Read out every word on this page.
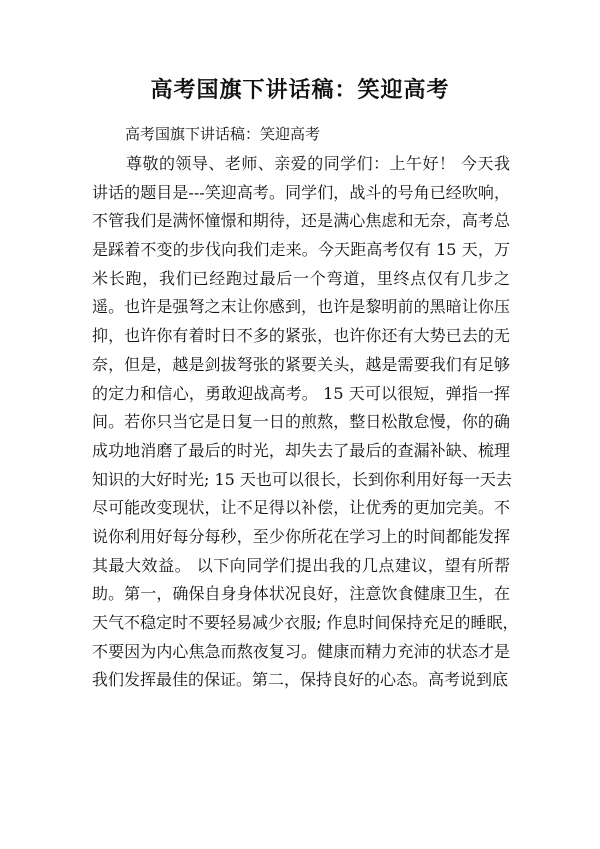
高考国旗下讲话稿：笑迎高考
高考国旗下讲话稿：笑迎高考
尊敬的领导、老师、亲爱的同学们：上午好！ 今天我
讲话的题目是---笑迎高考。同学们，战斗的号角已经吹响，
不管我们是满怀憧憬和期待，还是满心焦虑和无奈，高考总
是踩着不变的步伐向我们走来。今天距高考仅有 15 天，万
米长跑，我们已经跑过最后一个弯道，里终点仅有几步之
遥。也许是强弩之末让你感到，也许是黎明前的黑暗让你压
抑，也许你有着时日不多的紧张，也许你还有大势已去的无
奈，但是，越是剑拔弩张的紧要关头，越是需要我们有足够
的定力和信心，勇敢迎战高考。 15 天可以很短，弹指一挥
间。若你只当它是日复一日的煎熬，整日松散怠慢，你的确
成功地消磨了最后的时光，却失去了最后的查漏补缺、梳理
知识的大好时光; 15 天也可以很长，长到你利用好每一天去
尽可能改变现状，让不足得以补偿，让优秀的更加完美。不
说你利用好每分每秒，至少你所花在学习上的时间都能发挥
其最大效益。 以下向同学们提出我的几点建议，望有所帮
助。第一，确保自身身体状况良好，注意饮食健康卫生，在
天气不稳定时不要轻易减少衣服; 作息时间保持充足的睡眠，
不要因为内心焦急而熬夜复习。健康而精力充沛的状态才是
我们发挥最佳的保证。第二，保持良好的心态。高考说到底
